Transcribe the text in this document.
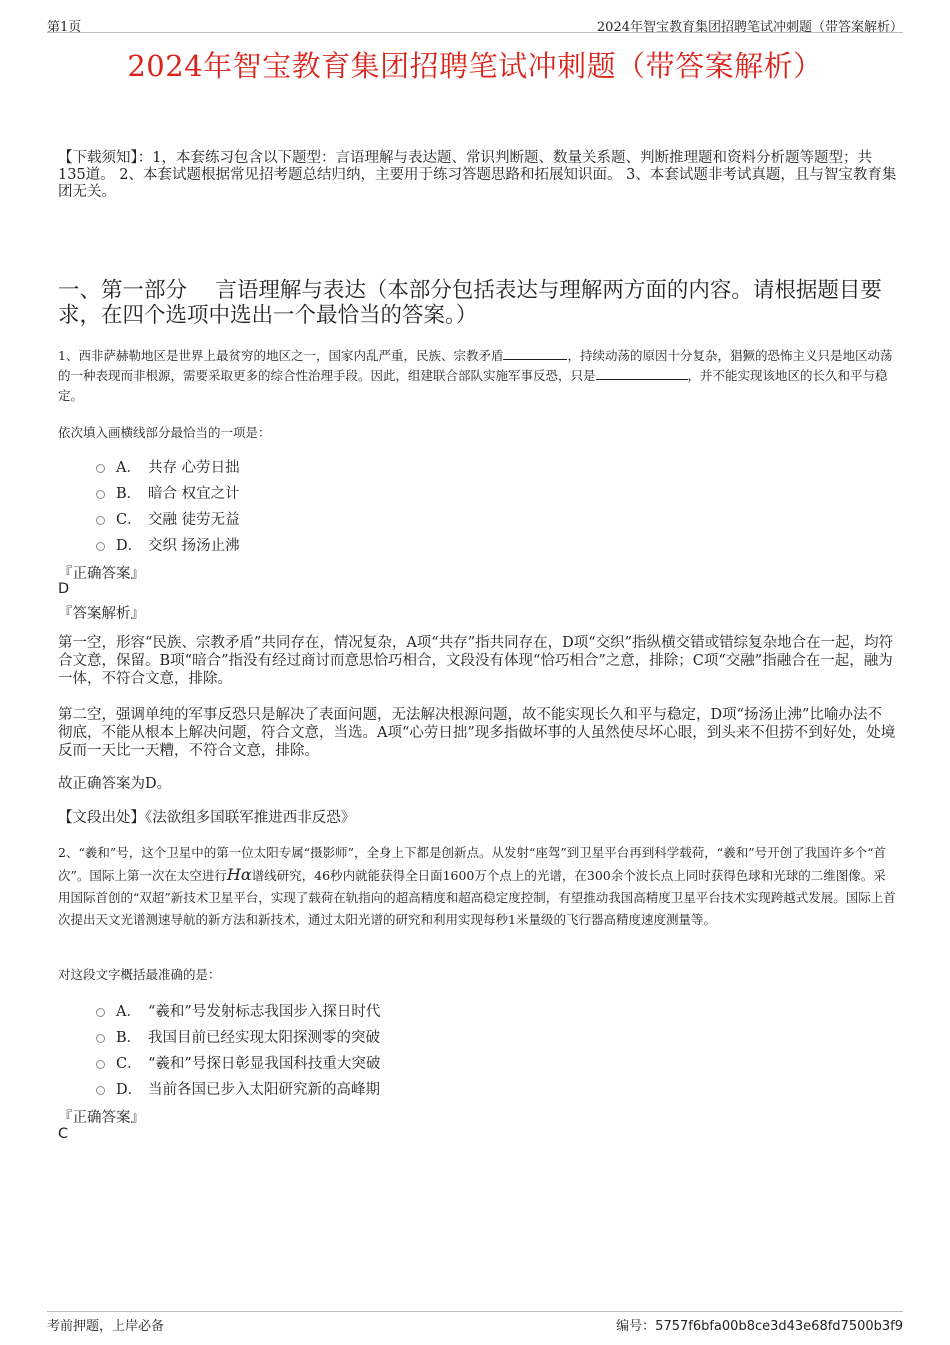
第1页	2024年智宝教育集团招聘笔试冲刺题（带答案解析）
2024年智宝教育集团招聘笔试冲刺题（带答案解析）
【下载须知】：1，本套练习包含以下题型：言语理解与表达题、常识判断题、数量关系题、判断推理题和资料分析题等题型；共135道。 2、本套试题根据常见招考题总结归纳，主要用于练习答题思路和拓展知识面。 3、本套试题非考试真题，且与智宝教育集团无关。
一、第一部分　 言语理解与表达（本部分包括表达与理解两方面的内容。请根据题目要求，在四个选项中选出一个最恰当的答案。）
1、西非萨赫勒地区是世界上最贫穷的地区之一，国家内乱严重，民族、宗教矛盾	，持续动荡的原因十分复杂，猖獗的恐怖主义只是地区动荡的一种表现而非根源，需要采取更多的综合性治理手段。因此，组建联合部队实施军事反恐，只是	，并不能实现该地区的长久和平与稳定。
依次填入画横线部分最恰当的一项是：
A． 共存 心劳日拙
B． 暗合 权宜之计
C． 交融 徒劳无益
D． 交织 扬汤止沸
『正确答案』
D
『答案解析』
第一空，形容“民族、宗教矛盾”共同存在，情况复杂，A项“共存”指共同存在，D项“交织”指纵横交错或错综复杂地合在一起，均符合文意，保留。B项“暗合”指没有经过商讨而意思恰巧相合，文段没有体现“恰巧相合”之意，排除；C项“交融”指融合在一起，融为一体，不符合文意，排除。
第二空，强调单纯的军事反恐只是解决了表面问题，无法解决根源问题，故不能实现长久和平与稳定，D项“扬汤止沸”比喻办法不彻底，不能从根本上解决问题，符合文意，当选。A项“心劳日拙”现多指做坏事的人虽然使尽坏心眼，到头来不但捞不到好处，处境反而一天比一天糟，不符合文意，排除。
故正确答案为D。
【文段出处】《法欲组多国联军推进西非反恐》
2、“羲和”号，这个卫星中的第一位太阳专属“摄影师”，全身上下都是创新点。从发射“座驾”到卫星平台再到科学载荷，“羲和”号开创了我国许多个“首次”。国际上第一次在太空进行Hα谱线研究，46秒内就能获得全日面1600万个点上的光谱，在300余个波长点上同时获得色球和光球的二维图像。采用国际首创的“双超”新技术卫星平台，实现了载荷在轨指向的超高精度和超高稳定度控制，有望推动我国高精度卫星平台技术实现跨越式发展。国际上首次提出天文光谱测速导航的新方法和新技术，通过太阳光谱的研究和利用实现每秒1米量级的飞行器高精度速度测量等。
对这段文字概括最准确的是：
A． “羲和”号发射标志我国步入探日时代
B． 我国目前已经实现太阳探测零的突破
C． “羲和”号探日彰显我国科技重大突破
D． 当前各国已步入太阳研究新的高峰期
『正确答案』
C
考前押题，上岸必备	编号：5757f6bfa00b8ce3d43e68fd7500b3f9
